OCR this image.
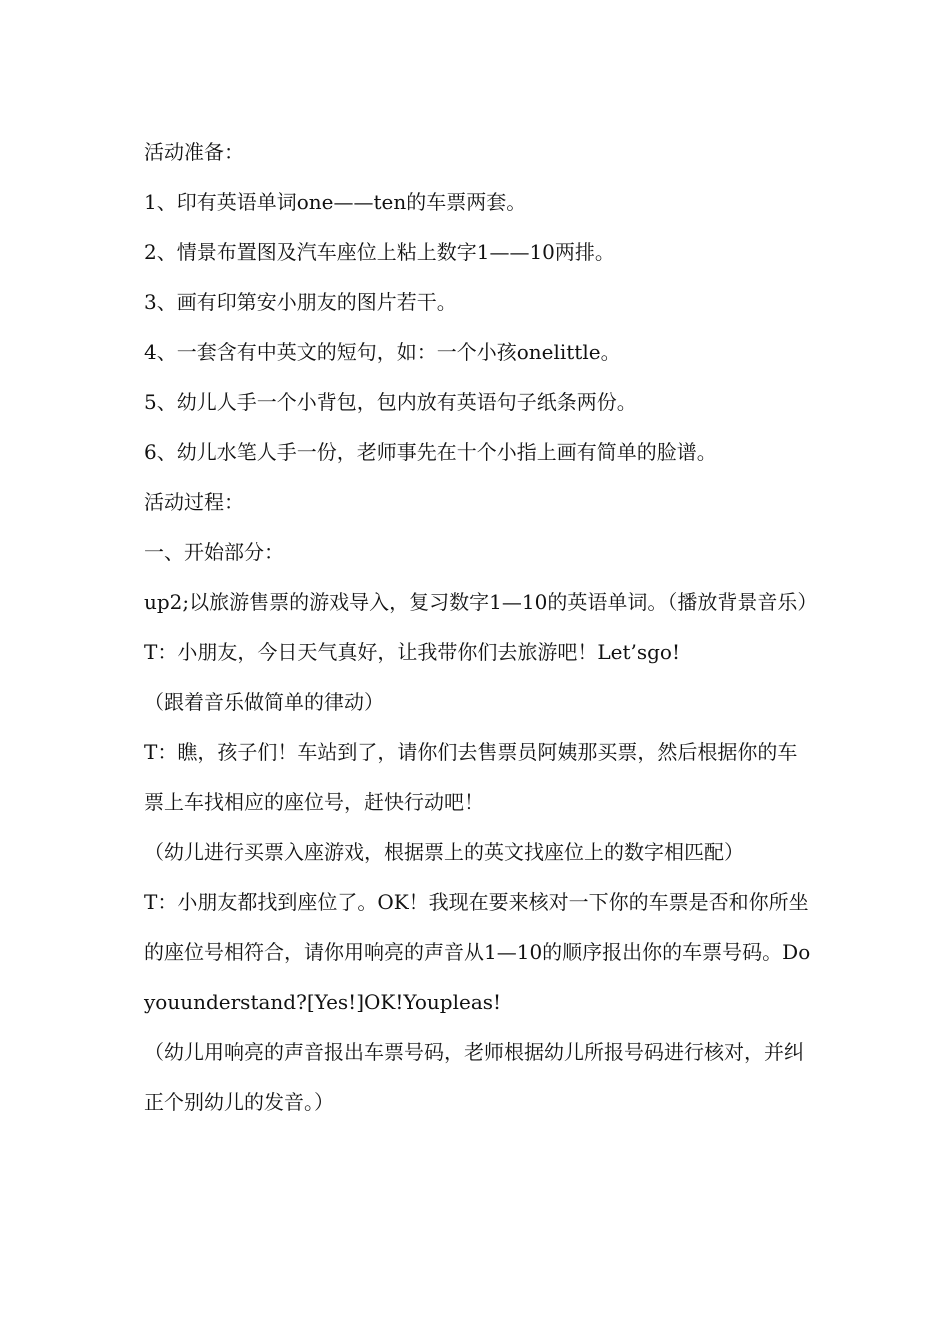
活动准备：

1、印有英语单词one——ten的车票两套。

2、情景布置图及汽车座位上粘上数字1——10两排。

3、画有印第安小朋友的图片若干。

4、一套含有中英文的短句，如：一个小孩onelittle。

5、幼儿人手一个小背包，包内放有英语句子纸条两份。

6、幼儿水笔人手一份，老师事先在十个小指上画有简单的脸谱。

活动过程：

一、开始部分：

up2;以旅游售票的游戏导入，复习数字1—10的英语单词。（播放背景音乐）

T：小朋友，今日天气真好，让我带你们去旅游吧！Let’sgo!

（跟着音乐做简单的律动）

T：瞧，孩子们！车站到了，请你们去售票员阿姨那买票，然后根据你的车票上车找相应的座位号，赶快行动吧！

（幼儿进行买票入座游戏，根据票上的英文找座位上的数字相匹配）

T：小朋友都找到座位了。OK！我现在要来核对一下你的车票是否和你所坐的座位号相符合，请你用响亮的声音从1—10的顺序报出你的车票号码。Doyouunderstand?[Yes!]OK!Youpleas!

（幼儿用响亮的声音报出车票号码，老师根据幼儿所报号码进行核对，并纠正个别幼儿的发音。）
